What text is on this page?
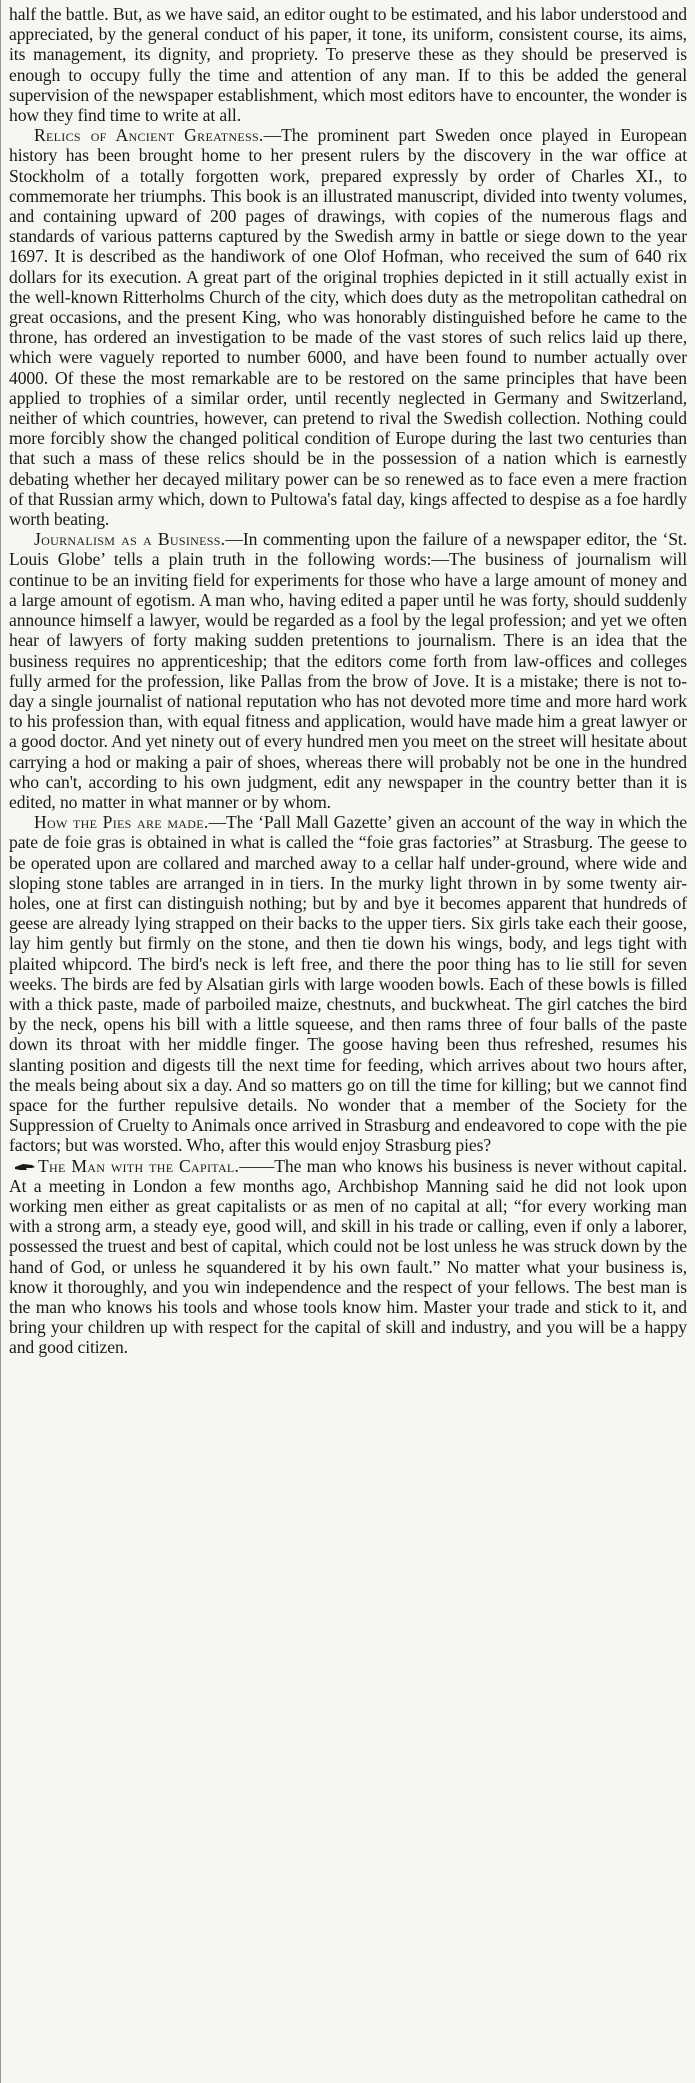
half the battle. But, as we have said, an editor ought to be estimated, and his labor understood and appreciated, by the general conduct of his paper, it tone, its uniform, consistent course, its aims, its management, its dignity, and propriety. To preserve these as they should be preserved is enough to occupy fully the time and attention of any man. If to this be added the general supervision of the newspaper establishment, which most editors have to encounter, the wonder is how they find time to write at all.

Relics of Ancient Greatness.—The prominent part Sweden once played in European history has been brought home to her present rulers by the discovery in the war office at Stockholm of a totally forgotten work, prepared expressly by order of Charles XI., to commemorate her triumphs. This book is an illustrated manuscript, divided into twenty volumes, and containing upward of 200 pages of drawings, with copies of the numerous flags and standards of various patterns captured by the Swedish army in battle or siege down to the year 1697. It is described as the handiwork of one Olof Hofman, who received the sum of 640 rix dollars for its execution. A great part of the original trophies depicted in it still actually exist in the well-known Ritterholms Church of the city, which does duty as the metropolitan cathedral on great occasions, and the present King, who was honorably distinguished before he came to the throne, has ordered an investigation to be made of the vast stores of such relics laid up there, which were vaguely reported to number 6000, and have been found to number actually over 4000. Of these the most remarkable are to be restored on the same principles that have been applied to trophies of a similar order, until recently neglected in Germany and Switzerland, neither of which countries, however, can pretend to rival the Swedish collection. Nothing could more forcibly show the changed political condition of Europe during the last two centuries than that such a mass of these relics should be in the possession of a nation which is earnestly debating whether her decayed military power can be so renewed as to face even a mere fraction of that Russian army which, down to Pultowa's fatal day, kings affected to despise as a foe hardly worth beating.

Journalism as a Business.—In commenting upon the failure of a newspaper editor, the ‘St. Louis Globe’ tells a plain truth in the following words:—The business of journalism will continue to be an inviting field for experiments for those who have a large amount of money and a large amount of egotism. A man who, having edited a paper until he was forty, should suddenly announce himself a lawyer, would be regarded as a fool by the legal profession; and yet we often hear of lawyers of forty making sudden pretentions to journalism. There is an idea that the business requires no apprenticeship; that the editors come forth from law-offices and colleges fully armed for the profession, like Pallas from the brow of Jove. It is a mistake; there is not to-day a single journalist of national reputation who has not devoted more time and more hard work to his profession than, with equal fitness and application, would have made him a great lawyer or a good doctor. And yet ninety out of every hundred men you meet on the street will hesitate about carrying a hod or making a pair of shoes, whereas there will probably not be one in the hundred who can't, according to his own judgment, edit any newspaper in the country better than it is edited, no matter in what manner or by whom.

How the Pies are made.—The ‘Pall Mall Gazette’ given an account of the way in which the pate de foie gras is obtained in what is called the “foie gras factories” at Strasburg. The geese to be operated upon are collared and marched away to a cellar half under-ground, where wide and sloping stone tables are arranged in in tiers. In the murky light thrown in by some twenty air-holes, one at first can distinguish nothing; but by and bye it becomes apparent that hundreds of geese are already lying strapped on their backs to the upper tiers. Six girls take each their goose, lay him gently but firmly on the stone, and then tie down his wings, body, and legs tight with plaited whipcord. The bird's neck is left free, and there the poor thing has to lie still for seven weeks. The birds are fed by Alsatian girls with large wooden bowls. Each of these bowls is filled with a thick paste, made of parboiled maize, chestnuts, and buckwheat. The girl catches the bird by the neck, opens his bill with a little squeese, and then rams three of four balls of the paste down its throat with her middle finger. The goose having been thus refreshed, resumes his slanting position and digests till the next time for feeding, which arrives about two hours after, the meals being about six a day. And so matters go on till the time for killing; but we cannot find space for the further repulsive details. No wonder that a member of the Society for the Suppression of Cruelty to Animals once arrived in Strasburg and endeavored to cope with the pie factors; but was worsted. Who, after this would enjoy Strasburg pies?

The Man with the Capital.——The man who knows his business is never without capital. At a meeting in London a few months ago, Archbishop Manning said he did not look upon working men either as great capitalists or as men of no capital at all; “for every working man with a strong arm, a steady eye, good will, and skill in his trade or calling, even if only a laborer, possessed the truest and best of capital, which could not be lost unless he was struck down by the hand of God, or unless he squandered it by his own fault.” No matter what your business is, know it thoroughly, and you win independence and the respect of your fellows. The best man is the man who knows his tools and whose tools know him. Master your trade and stick to it, and bring your children up with respect for the capital of skill and industry, and you will be a happy and good citizen.
